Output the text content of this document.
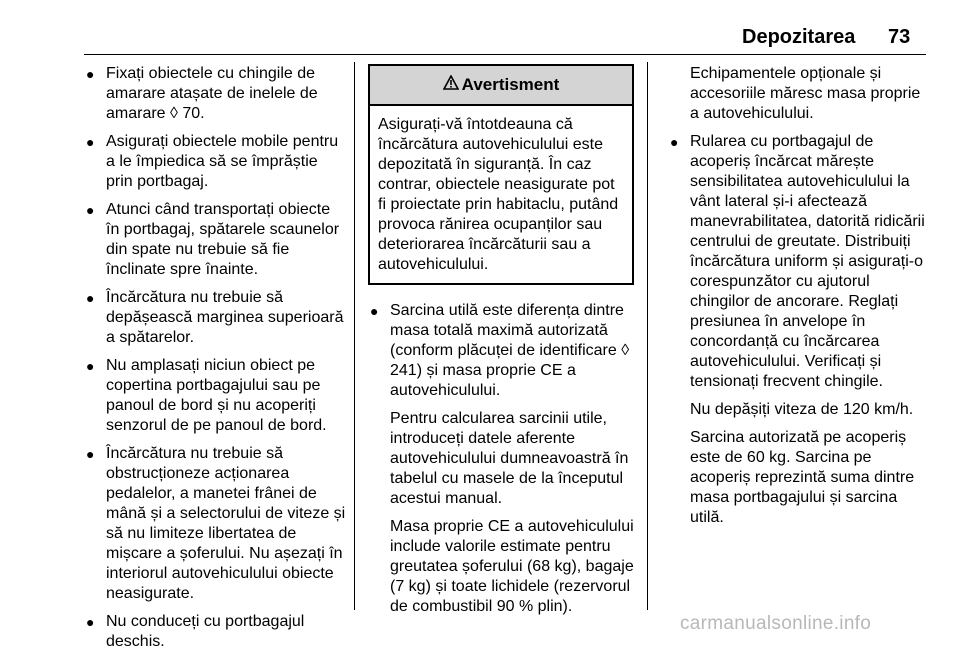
Depozitarea 73
● Fixați obiectele cu chingile de amarare atașate de inelele de amarare ◊ 70.
● Asigurați obiectele mobile pentru a le împiedica să se împrăștie prin portbagaj.
● Atunci când transportați obiecte în portbagaj, spătarele scaunelor din spate nu trebuie să fie înclinate spre înainte.
● Încărcătura nu trebuie să depășească marginea superioară a spătarelor.
● Nu amplasați niciun obiect pe copertina portbagajului sau pe panoul de bord și nu acoperiți senzorul de pe panoul de bord.
● Încărcătura nu trebuie să obstrucționeze acționarea pedalelor, a manetei frânei de mână și a selectorului de viteze și să nu limiteze libertatea de mișcare a șoferului. Nu așezați în interiorul autovehiculului obiecte neasigurate.
● Nu conduceți cu portbagajul deschis.
Avertisment
Asigurați-vă întotdeauna că încărcătura autovehiculului este depozitată în siguranță. În caz contrar, obiectele neasigurate pot fi proiectate prin habitaclu, putând provoca rănirea ocupanților sau deteriorarea încărcăturii sau a autovehiculului.
● Sarcina utilă este diferența dintre masa totală maximă autorizată (conform plăcuței de identificare ◊ 241) și masa proprie CE a autovehiculului.

Pentru calcularea sarcinii utile, introduceți datele aferente autovehiculului dumneavoastră în tabelul cu masele de la începutul acestui manual.

Masa proprie CE a autovehiculului include valorile estimate pentru greutatea șoferului (68 kg), bagaje (7 kg) și toate lichidele (rezervorul de combustibil 90 % plin).

Echipamentele opționale și accesoriile măresc masa proprie a autovehiculului.

● Rularea cu portbagajul de acoperiș încărcat mărește sensibilitatea autovehiculului la vânt lateral și-i afectează manevrabilitatea, datorită ridicării centrului de greutate. Distribuiți încărcătura uniform și asigurați-o corespunzător cu ajutorul chingilor de ancorare. Reglați presiunea în anvelope în concordanță cu încărcarea autovehiculului. Verificați și tensionați frecvent chingile.

Nu depășiți viteza de 120 km/h.

Sarcina autorizată pe acoperiș este de 60 kg. Sarcina pe acoperiș reprezintă suma dintre masa portbagajului și sarcina utilă.

carmanualsonline.info
